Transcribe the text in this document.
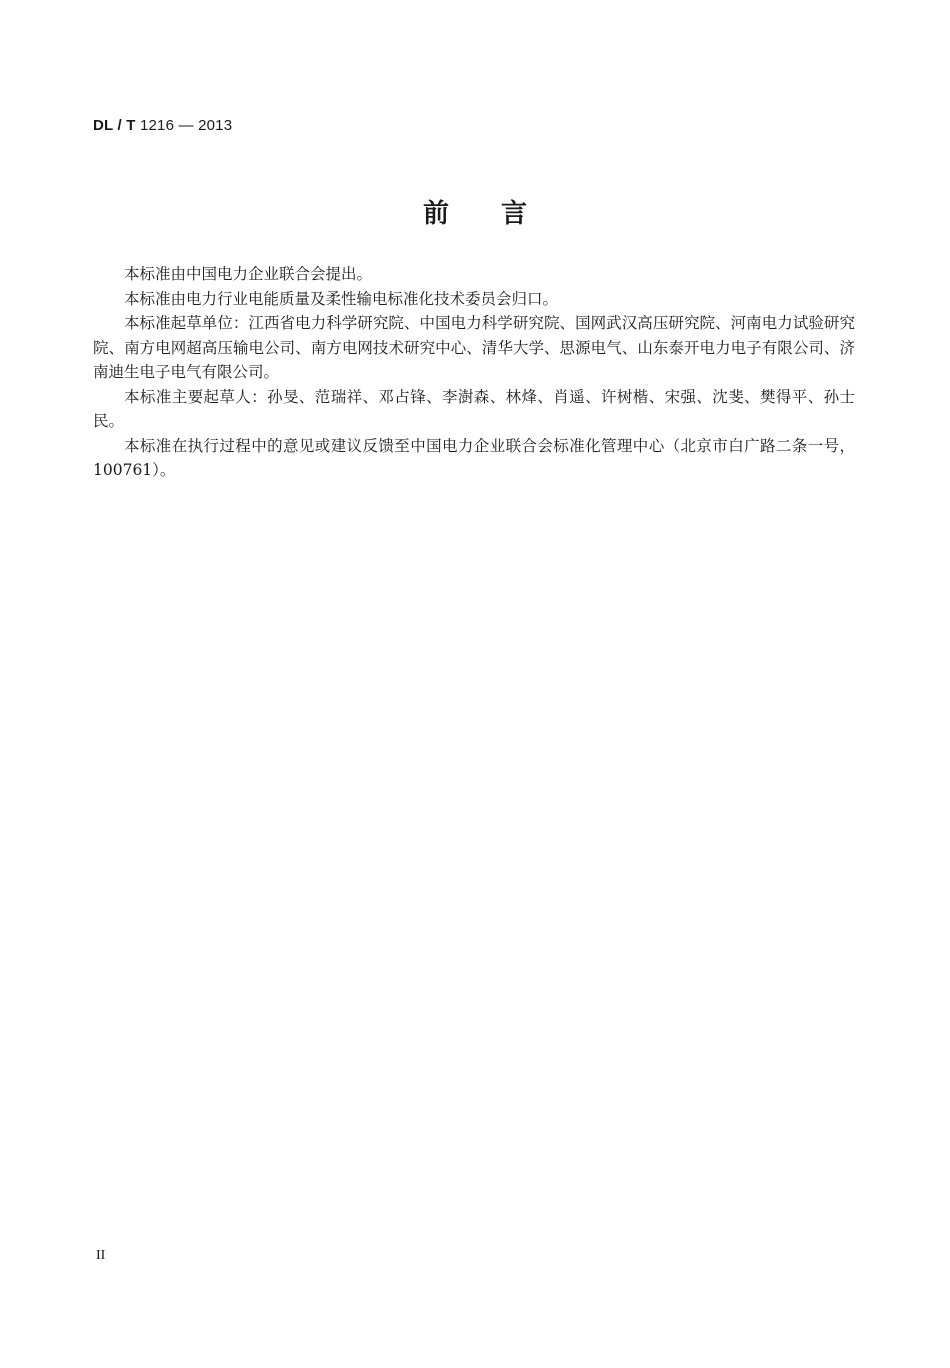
DL / T 1216 — 2013
前言

本标准由中国电力企业联合会提出。

本标准由电力行业电能质量及柔性输电标准化技术委员会归口。

本标准起草单位：江西省电力科学研究院、中国电力科学研究院、国网武汉高压研究院、河南电力试验研究院、南方电网超高压输电公司、南方电网技术研究中心、清华大学、思源电气、山东泰开电力电子有限公司、济南迪生电子电气有限公司。

本标准主要起草人：孙旻、范瑞祥、邓占锋、李澍森、林烽、肖遥、许树楷、宋强、沈斐、樊得平、孙士民。

本标准在执行过程中的意见或建议反馈至中国电力企业联合会标准化管理中心（北京市白广路二条一号，100761）。

II
